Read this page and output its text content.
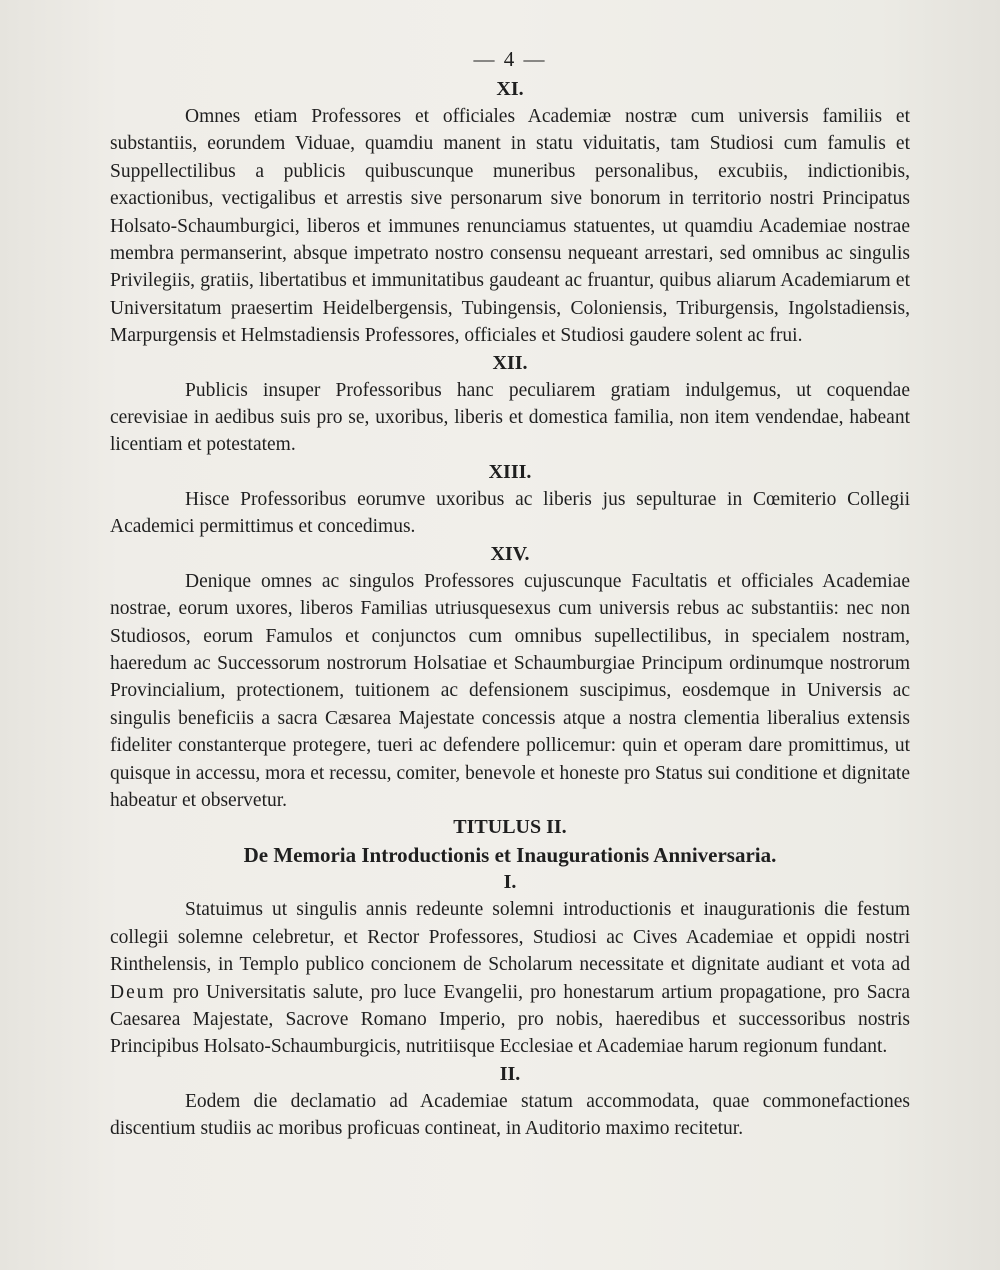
— 4 —
XI.

Omnes etiam Professores et officiales Academiæ nostræ cum universis familiis et substantiis, eorundem Viduae, quamdiu manent in statu viduitatis, tam Studiosi cum famulis et Suppellectilibus a publicis quibuscunque muneribus personalibus, excubiis, indictionibis, exactionibus, vectigalibus et arrestis sive personarum sive bonorum in territorio nostri Principatus Holsato-Schaumburgici, liberos et immunes renunciamus statuentes, ut quamdiu Academiae nostrae membra permanserint, absque impetrato nostro consensu nequeant arrestari, sed omnibus ac singulis Privilegiis, gratiis, libertatibus et immunitatibus gaudeant ac fruantur, quibus aliarum Academiarum et Universitatum praesertim Heidelbergensis, Tubingensis, Coloniensis, Triburgensis, Ingolstadiensis, Marpurgensis et Helmstadiensis Professores, officiales et Studiosi gaudere solent ac frui.

XII.

Publicis insuper Professoribus hanc peculiarem gratiam indulgemus, ut coquendae cerevisiae in aedibus suis pro se, uxoribus, liberis et domestica familia, non item vendendae, habeant licentiam et potestatem.

XIII.

Hisce Professoribus eorumve uxoribus ac liberis jus sepulturae in Cœmiterio Collegii Academici permittimus et concedimus.

XIV.

Denique omnes ac singulos Professores cujuscunque Facultatis et officiales Academiae nostrae, eorum uxores, liberos Familias utriusquesexus cum universis rebus ac substantiis: nec non Studiosos, eorum Famulos et conjunctos cum omnibus supellectilibus, in specialem nostram, haeredum ac Successorum nostrorum Holsatiae et Schaumburgiae Principum ordinumque nostrorum Provincialium, protectionem, tuitionem ac defensionem suscipimus, eosdemque in Universis ac singulis beneficiis a sacra Cæsarea Majestate concessis atque a nostra clementia liberalius extensis fideliter constanterque protegere, tueri ac defendere pollicemur: quin et operam dare promittimus, ut quisque in accessu, mora et recessu, comiter, benevole et honeste pro Status sui conditione et dignitate habeatur et observetur.

TITULUS II.
De Memoria Introductionis et Inaugurationis Anniversaria.
I.

Statuimus ut singulis annis redeunte solemni introductionis et inaugurationis die festum collegii solemne celebretur, et Rector Professores, Studiosi ac Cives Academiae et oppidi nostri Rinthelensis, in Templo publico concionem de Scholarum necessitate et dignitate audiant et vota ad Deum pro Universitatis salute, pro luce Evangelii, pro honestarum artium propagatione, pro Sacra Caesarea Majestate, Sacrove Romano Imperio, pro nobis, haeredibus et successoribus nostris Principibus Holsato-Schaumburgicis, nutritiisque Ecclesiae et Academiae harum regionum fundant.

II.

Eodem die declamatio ad Academiae statum accommodata, quae commonefactiones discentium studiis ac moribus proficuas contineat, in Auditorio maximo recitetur.
